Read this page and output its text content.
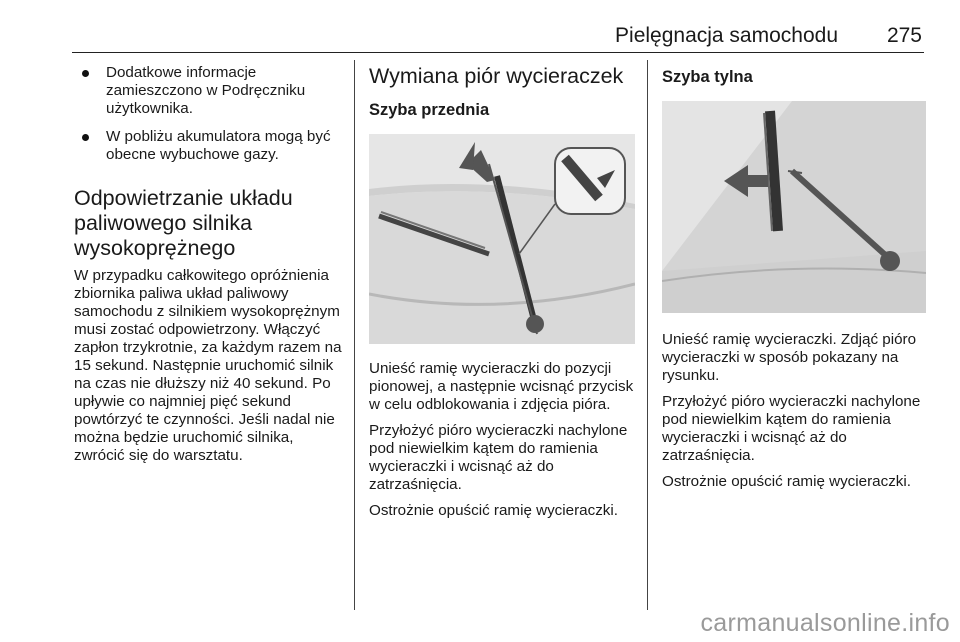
Pielęgnacja samochodu 275
Dodatkowe informacje zamieszczono w Podręczniku użytkownika.
W pobliżu akumulatora mogą być obecne wybuchowe gazy.
Odpowietrzanie układu paliwowego silnika wysokoprężnego

W przypadku całkowitego opróżnienia zbiornika paliwa układ paliwowy samochodu z silnikiem wysokoprężnym musi zostać odpowietrzony. Włączyć zapłon trzykrotnie, za każdym razem na 15 sekund. Następnie uruchomić silnik na czas nie dłuższy niż 40 sekund. Po upływie co najmniej pięć sekund powtórzyć te czynności. Jeśli nadal nie można będzie uruchomić silnika, zwrócić się do warsztatu.

Wymiana piór wycieraczek
Szyba przednia

Unieść ramię wycieraczki do pozycji pionowej, a następnie wcisnąć przycisk w celu odblokowania i zdjęcia pióra.

Przyłożyć pióro wycieraczki nachylone pod niewielkim kątem do ramienia wycieraczki i wcisnąć aż do zatrzaśnięcia.

Ostrożnie opuścić ramię wycieraczki.

Szyba tylna

Unieść ramię wycieraczki. Zdjąć pióro wycieraczki w sposób pokazany na rysunku.

Przyłożyć pióro wycieraczki nachylone pod niewielkim kątem do ramienia wycieraczki i wcisnąć aż do zatrzaśnięcia.

Ostrożnie opuścić ramię wycieraczki.

carmanualsonline.info
